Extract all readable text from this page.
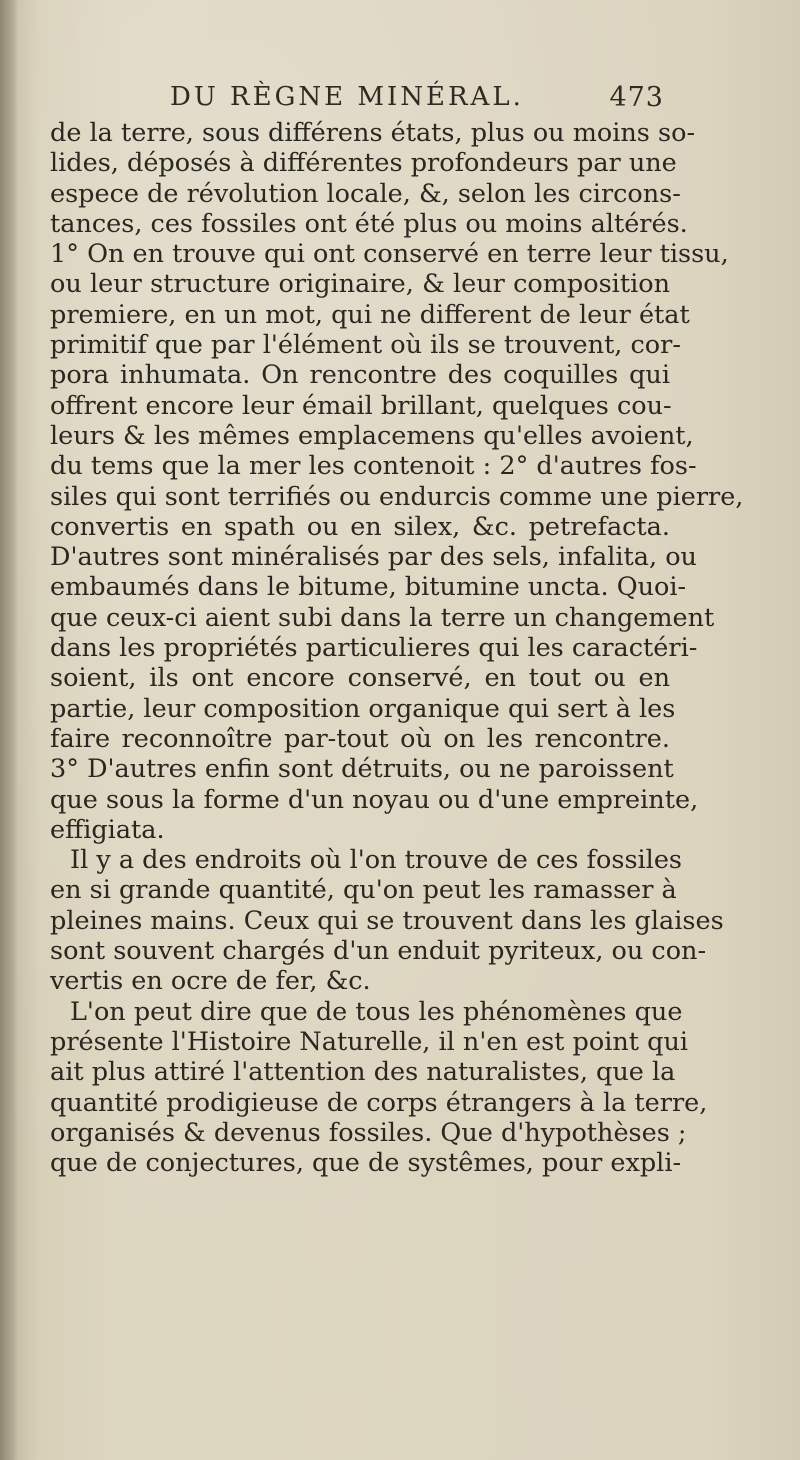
DU RÈGNE MINÉRAL.	473
de la terre, sous différens états, plus ou moins so-
lides, déposés à différentes profondeurs par une
espece de révolution locale, &, selon les circons-
tances, ces fossiles ont été plus ou moins altérés.
1° On en trouve qui ont conservé en terre leur tissu,
ou leur structure originaire, & leur composition
premiere, en un mot, qui ne different de leur état
primitif que par l'élément où ils se trouvent, cor-
pora inhumata. On rencontre des coquilles qui
offrent encore leur émail brillant, quelques cou-
leurs & les mêmes emplacemens qu'elles avoient,
du tems que la mer les contenoit : 2° d'autres fos-
siles qui sont terrifiés ou endurcis comme une pierre,
convertis en spath ou en silex, &c. petrefacta.
D'autres sont minéralisés par des sels, infalita, ou
embaumés dans le bitume, bitumine uncta. Quoi-
que ceux-ci aient subi dans la terre un changement
dans les propriétés particulieres qui les caractéri-
soient, ils ont encore conservé, en tout ou en
partie, leur composition organique qui sert à les
faire reconnoître par-tout où on les rencontre.
3° D'autres enfin sont détruits, ou ne paroissent
que sous la forme d'un noyau ou d'une empreinte,
effigiata.
Il y a des endroits où l'on trouve de ces fossiles
en si grande quantité, qu'on peut les ramasser à
pleines mains. Ceux qui se trouvent dans les glaises
sont souvent chargés d'un enduit pyriteux, ou con-
vertis en ocre de fer, &c.
L'on peut dire que de tous les phénomènes que
présente l'Histoire Naturelle, il n'en est point qui
ait plus attiré l'attention des naturalistes, que la
quantité prodigieuse de corps étrangers à la terre,
organisés & devenus fossiles. Que d'hypothèses ;
que de conjectures, que de systêmes, pour expli-
